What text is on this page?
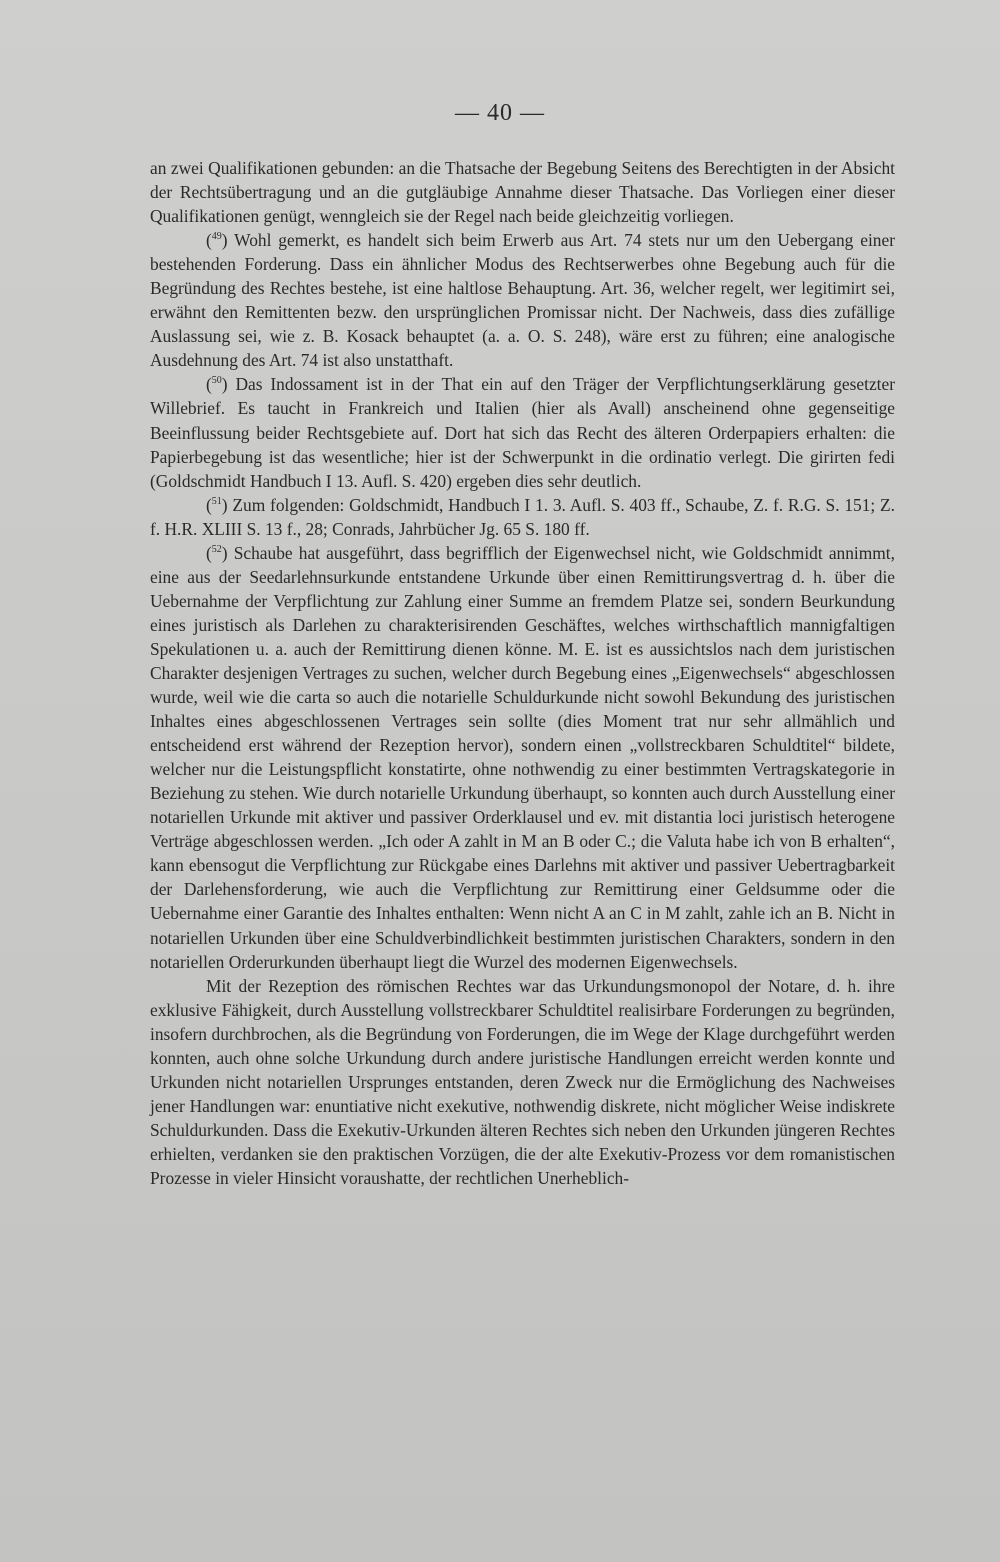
— 40 —

an zwei Qualifikationen gebunden: an die Thatsache der Begebung Seitens des Berechtigten in der Absicht der Rechtsübertragung und an die gutgläubige Annahme dieser Thatsache. Das Vorliegen einer dieser Qualifikationen genügt, wenngleich sie der Regel nach beide gleichzeitig vorliegen.

($^{49}$) Wohl gemerkt, es handelt sich beim Erwerb aus Art. 74 stets nur um den Uebergang einer bestehenden Forderung. Dass ein ähnlicher Modus des Rechtserwerbes ohne Begebung auch für die Begründung des Rechtes bestehe, ist eine haltlose Behauptung. Art. 36, welcher regelt, wer legitimirt sei, erwähnt den Remittenten bezw. den ursprünglichen Promissar nicht. Der Nachweis, dass dies zufällige Auslassung sei, wie z. B. Kosack behauptet (a. a. O. S. 248), wäre erst zu führen; eine analogische Ausdehnung des Art. 74 ist also unstatthaft.

($^{50}$) Das Indossament ist in der That ein auf den Träger der Verpflichtungserklärung gesetzter Willebrief. Es taucht in Frankreich und Italien (hier als Avall) anscheinend ohne gegenseitige Beeinflussung beider Rechtsgebiete auf. Dort hat sich das Recht des älteren Orderpapiers erhalten: die Papierbegebung ist das wesentliche; hier ist der Schwerpunkt in die ordinatio verlegt. Die girirten fedi (Goldschmidt Handbuch I 13. Aufl. S. 420) ergeben dies sehr deutlich.

($^{51}$) Zum folgenden: Goldschmidt, Handbuch I 1. 3. Aufl. S. 403 ff., Schaube, Z. f. R.G. S. 151; Z. f. H.R. XLIII S. 13 f., 28; Conrads, Jahrbücher Jg. 65 S. 180 ff.

($^{52}$) Schaube hat ausgeführt, dass begrifflich der Eigenwechsel nicht, wie Goldschmidt annimmt, eine aus der Seedarlehnsurkunde entstandene Urkunde über einen Remittirungsvertrag d. h. über die Uebernahme der Verpflichtung zur Zahlung einer Summe an fremdem Platze sei, sondern Beurkundung eines juristisch als Darlehen zu charakterisirenden Geschäftes, welches wirthschaftlich mannigfaltigen Spekulationen u. a. auch der Remittirung dienen könne. M. E. ist es aussichtslos nach dem juristischen Charakter desjenigen Vertrages zu suchen, welcher durch Begebung eines „Eigenwechsels“ abgeschlossen wurde, weil wie die carta so auch die notarielle Schuldurkunde nicht sowohl Bekundung des juristischen Inhaltes eines abgeschlossenen Vertrages sein sollte (dies Moment trat nur sehr allmählich und entscheidend erst während der Rezeption hervor), sondern einen „vollstreckbaren Schuldtitel“ bildete, welcher nur die Leistungspflicht konstatirte, ohne nothwendig zu einer bestimmten Vertragskategorie in Beziehung zu stehen. Wie durch notarielle Urkundung überhaupt, so konnten auch durch Ausstellung einer notariellen Urkunde mit aktiver und passiver Orderklausel und ev. mit distantia loci juristisch heterogene Verträge abgeschlossen werden. „Ich oder A zahlt in M an B oder C.; die Valuta habe ich von B erhalten“, kann ebensogut die Verpflichtung zur Rückgabe eines Darlehns mit aktiver und passiver Uebertragbarkeit der Darlehensforderung, wie auch die Verpflichtung zur Remittirung einer Geldsumme oder die Uebernahme einer Garantie des Inhaltes enthalten: Wenn nicht A an C in M zahlt, zahle ich an B. Nicht in notariellen Urkunden über eine Schuldverbindlichkeit bestimmten juristischen Charakters, sondern in den notariellen Orderurkunden überhaupt liegt die Wurzel des modernen Eigenwechsels.

Mit der Rezeption des römischen Rechtes war das Urkundungsmonopol der Notare, d. h. ihre exklusive Fähigkeit, durch Ausstellung vollstreckbarer Schuldtitel realisirbare Forderungen zu begründen, insofern durchbrochen, als die Begründung von Forderungen, die im Wege der Klage durchgeführt werden konnten, auch ohne solche Urkundung durch andere juristische Handlungen erreicht werden konnte und Urkunden nicht notariellen Ursprunges entstanden, deren Zweck nur die Ermöglichung des Nachweises jener Handlungen war: enuntiative nicht exekutive, nothwendig diskrete, nicht möglicher Weise indiskrete Schuldurkunden. Dass die Exekutiv-Urkunden älteren Rechtes sich neben den Urkunden jüngeren Rechtes erhielten, verdanken sie den praktischen Vorzügen, die der alte Exekutiv-Prozess vor dem romanistischen Prozesse in vieler Hinsicht voraushatte, der rechtlichen Unerheblich-
